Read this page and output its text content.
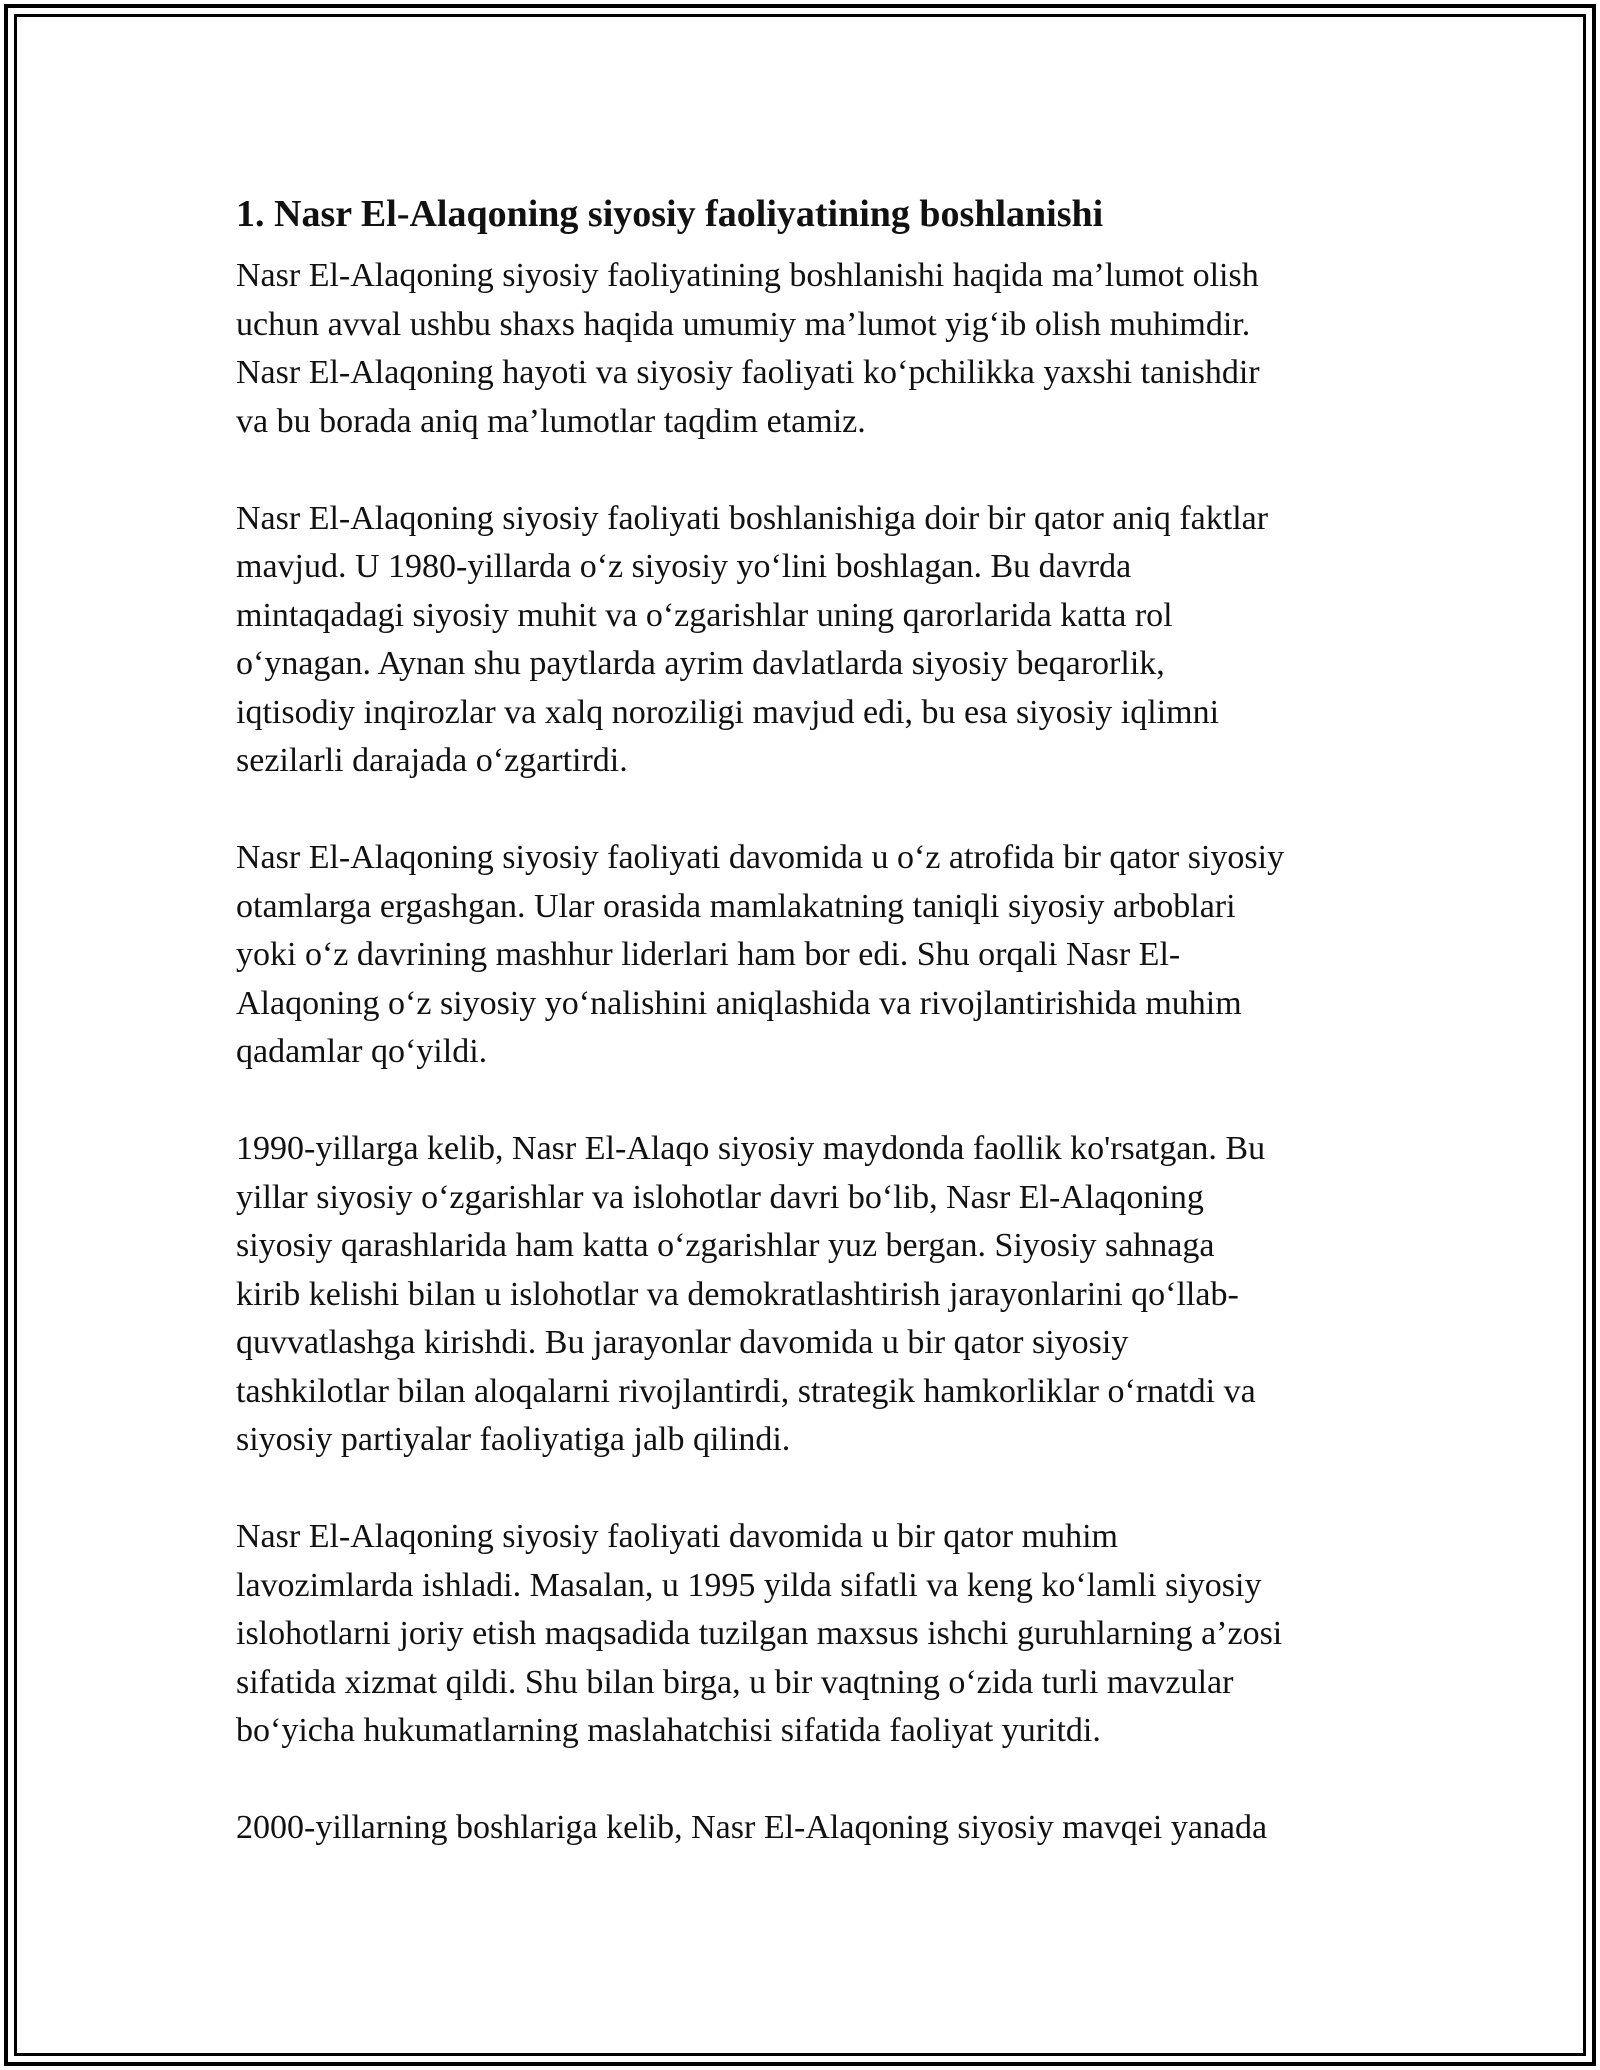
1. Nasr El-Alaqoning siyosiy faoliyatining boshlanishi

Nasr El-Alaqoning siyosiy faoliyatining boshlanishi haqida ma’lumot olish
uchun avval ushbu shaxs haqida umumiy ma’lumot yig‘ib olish muhimdir.
Nasr El-Alaqoning hayoti va siyosiy faoliyati ko‘pchilikka yaxshi tanishdir
va bu borada aniq ma’lumotlar taqdim etamiz.

Nasr El-Alaqoning siyosiy faoliyati boshlanishiga doir bir qator aniq faktlar
mavjud. U 1980-yillarda o‘z siyosiy yo‘lini boshlagan. Bu davrda
mintaqadagi siyosiy muhit va o‘zgarishlar uning qarorlarida katta rol
o‘ynagan. Aynan shu paytlarda ayrim davlatlarda siyosiy beqarorlik,
iqtisodiy inqirozlar va xalq noroziligi mavjud edi, bu esa siyosiy iqlimni
sezilarli darajada o‘zgartirdi.

Nasr El-Alaqoning siyosiy faoliyati davomida u o‘z atrofida bir qator siyosiy
otamlarga ergashgan. Ular orasida mamlakatning taniqli siyosiy arboblari
yoki o‘z davrining mashhur liderlari ham bor edi. Shu orqali Nasr El-
Alaqoning o‘z siyosiy yo‘nalishini aniqlashida va rivojlantirishida muhim
qadamlar qo‘yildi.

1990-yillarga kelib, Nasr El-Alaqo siyosiy maydonda faollik ko'rsatgan. Bu
yillar siyosiy o‘zgarishlar va islohotlar davri bo‘lib, Nasr El-Alaqoning
siyosiy qarashlarida ham katta o‘zgarishlar yuz bergan. Siyosiy sahnaga
kirib kelishi bilan u islohotlar va demokratlashtirish jarayonlarini qo‘llab-
quvvatlashga kirishdi. Bu jarayonlar davomida u bir qator siyosiy
tashkilotlar bilan aloqalarni rivojlantirdi, strategik hamkorliklar o‘rnatdi va
siyosiy partiyalar faoliyatiga jalb qilindi.

Nasr El-Alaqoning siyosiy faoliyati davomida u bir qator muhim
lavozimlarda ishladi. Masalan, u 1995 yilda sifatli va keng ko‘lamli siyosiy
islohotlarni joriy etish maqsadida tuzilgan maxsus ishchi guruhlarning a’zosi
sifatida xizmat qildi. Shu bilan birga, u bir vaqtning o‘zida turli mavzular
bo‘yicha hukumatlarning maslahatchisi sifatida faoliyat yuritdi.

2000-yillarning boshlariga kelib, Nasr El-Alaqoning siyosiy mavqei yanada
